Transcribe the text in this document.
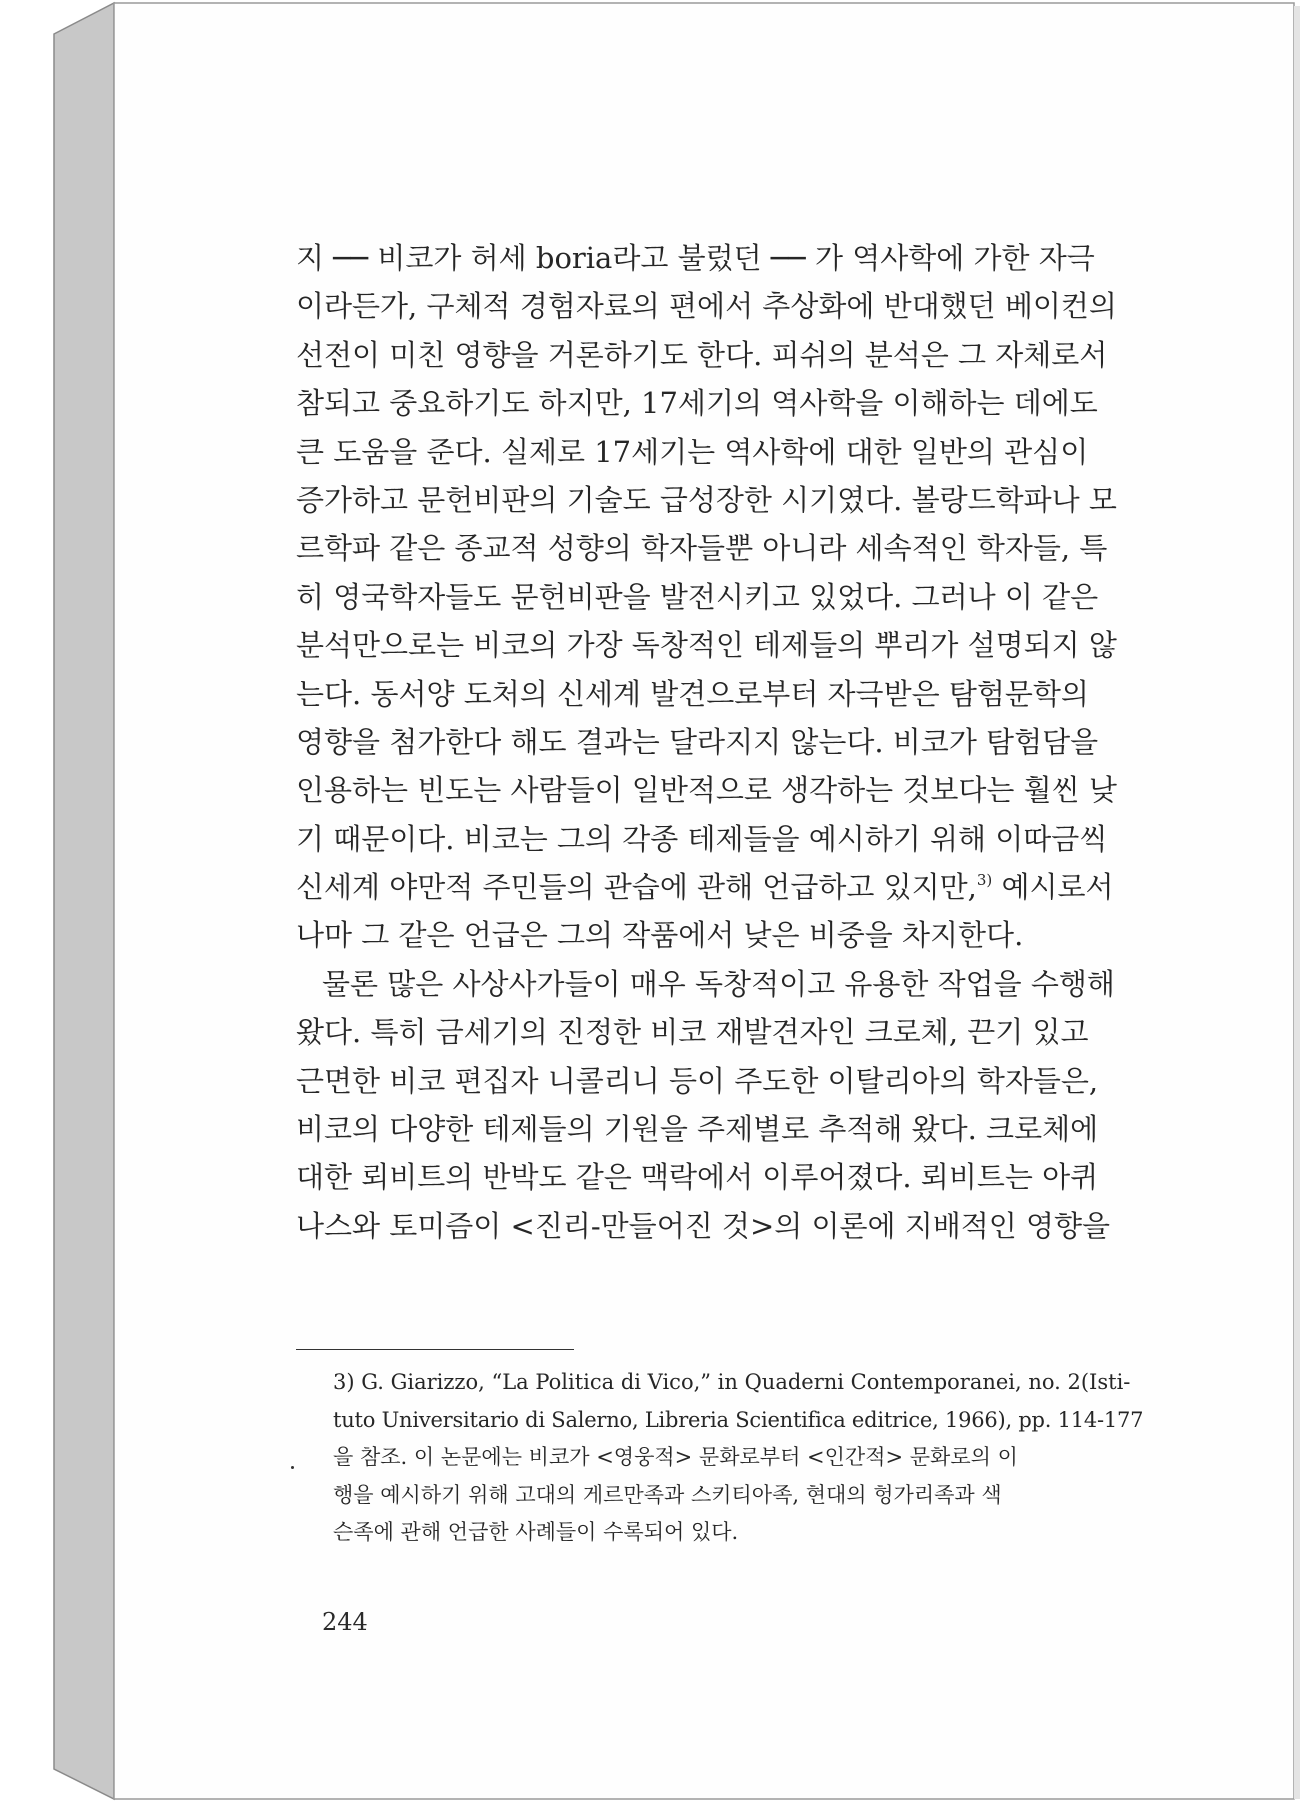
지 ── 비코가 허세 boria라고 불렀던 ── 가 역사학에 가한 자극
이라든가, 구체적 경험자료의 편에서 추상화에 반대했던 베이컨의
선전이 미친 영향을 거론하기도 한다. 피쉬의 분석은 그 자체로서
참되고 중요하기도 하지만, 17세기의 역사학을 이해하는 데에도
큰 도움을 준다. 실제로 17세기는 역사학에 대한 일반의 관심이
증가하고 문헌비판의 기술도 급성장한 시기였다. 볼랑드학파나 모
르학파 같은 종교적 성향의 학자들뿐 아니라 세속적인 학자들, 특
히 영국학자들도 문헌비판을 발전시키고 있었다. 그러나 이 같은
분석만으로는 비코의 가장 독창적인 테제들의 뿌리가 설명되지 않
는다. 동서양 도처의 신세계 발견으로부터 자극받은 탐험문학의
영향을 첨가한다 해도 결과는 달라지지 않는다. 비코가 탐험담을
인용하는 빈도는 사람들이 일반적으로 생각하는 것보다는 훨씬 낮
기 때문이다. 비코는 그의 각종 테제들을 예시하기 위해 이따금씩
신세계 야만적 주민들의 관습에 관해 언급하고 있지만,$^{3)}$ 예시로서
나마 그 같은 언급은 그의 작품에서 낮은 비중을 차지한다.
물론 많은 사상사가들이 매우 독창적이고 유용한 작업을 수행해
왔다. 특히 금세기의 진정한 비코 재발견자인 크로체, 끈기 있고
근면한 비코 편집자 니콜리니 등이 주도한 이탈리아의 학자들은,
비코의 다양한 테제들의 기원을 주제별로 추적해 왔다. 크로체에
대한 뢰비트의 반박도 같은 맥락에서 이루어졌다. 뢰비트는 아퀴
나스와 토미즘이 <진리-만들어진 것>의 이론에 지배적인 영향을
3) G. Giarizzo, “La Politica di Vico,” in Quaderni Contemporanei, no. 2(Isti-
tuto Universitario di Salerno, Libreria Scientifica editrice, 1966), pp. 114-177
을 참조. 이 논문에는 비코가 <영웅적> 문화로부터 <인간적> 문화로의 이
행을 예시하기 위해 고대의 게르만족과 스키티아족, 현대의 헝가리족과 색
슨족에 관해 언급한 사례들이 수록되어 있다.
244
